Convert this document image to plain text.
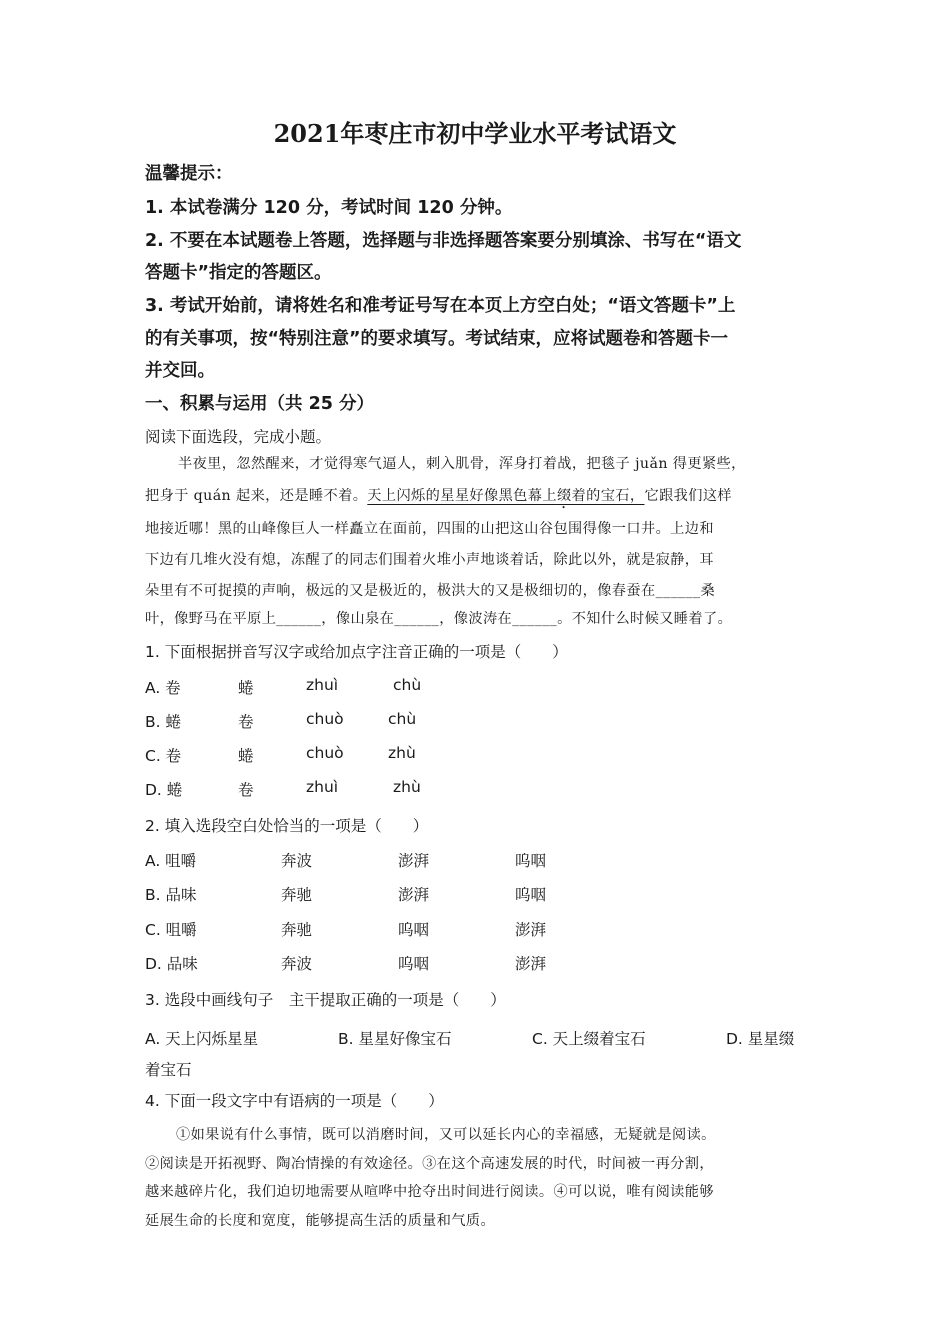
2021年枣庄市初中学业水平考试语文
温馨提示：
1. 本试卷满分 120 分，考试时间 120 分钟。
2. 不要在本试题卷上答题，选择题与非选择题答案要分别填涂、书写在“语文
答题卡”指定的答题区。
3. 考试开始前，请将姓名和准考证号写在本页上方空白处；“语文答题卡”上
的有关事项，按“特别注意”的要求填写。考试结束，应将试题卷和答题卡一
并交回。
一、积累与运用（共 25 分）
阅读下面选段，完成小题。
半夜里，忽然醒来，才觉得寒气逼人，刺入肌骨，浑身打着战，把毯子 juǎn 得更紧些，
把身于 quán 起来，还是睡不着。天上闪烁的星星好像黑色幕上缀着的宝石，它跟我们这样
地接近哪！黑的山峰像巨人一样矗立在面前，四围的山把这山谷包围得像一口井。上边和
下边有几堆火没有熄，冻醒了的同志们围着火堆小声地谈着话，除此以外，就是寂静，耳
朵里有不可捉摸的声响，极远的又是极近的，极洪大的又是极细切的，像春蚕在______桑
叶，像野马在平原上______，像山泉在______，像波涛在______。不知什么时候又睡着了。
1. 下面根据拼音写汉字或给加点字注音正确的一项是（　　）
A. 卷	蜷	zhuì	chù
B. 蜷	卷	chuò	chù
C. 卷	蜷	chuò	zhù
D. 蜷	卷	zhuì	zhù
2. 填入选段空白处恰当的一项是（　　）
A. 咀嚼	奔波	澎湃	呜咽
B. 品味	奔驰	澎湃	呜咽
C. 咀嚼	奔驰	呜咽	澎湃
D. 品味	奔波	呜咽	澎湃
3. 选段中画线句子　主干提取正确的一项是（　　）
A. 天上闪烁星星	B. 星星好像宝石	C. 天上缀着宝石	D. 星星缀
着宝石
4. 下面一段文字中有语病的一项是（　　）
①如果说有什么事情，既可以消磨时间，又可以延长内心的幸福感，无疑就是阅读。
②阅读是开拓视野、陶冶情操的有效途径。③在这个高速发展的时代，时间被一再分割，
越来越碎片化，我们迫切地需要从喧哗中抢夺出时间进行阅读。④可以说，唯有阅读能够
延展生命的长度和宽度，能够提高生活的质量和气质。
